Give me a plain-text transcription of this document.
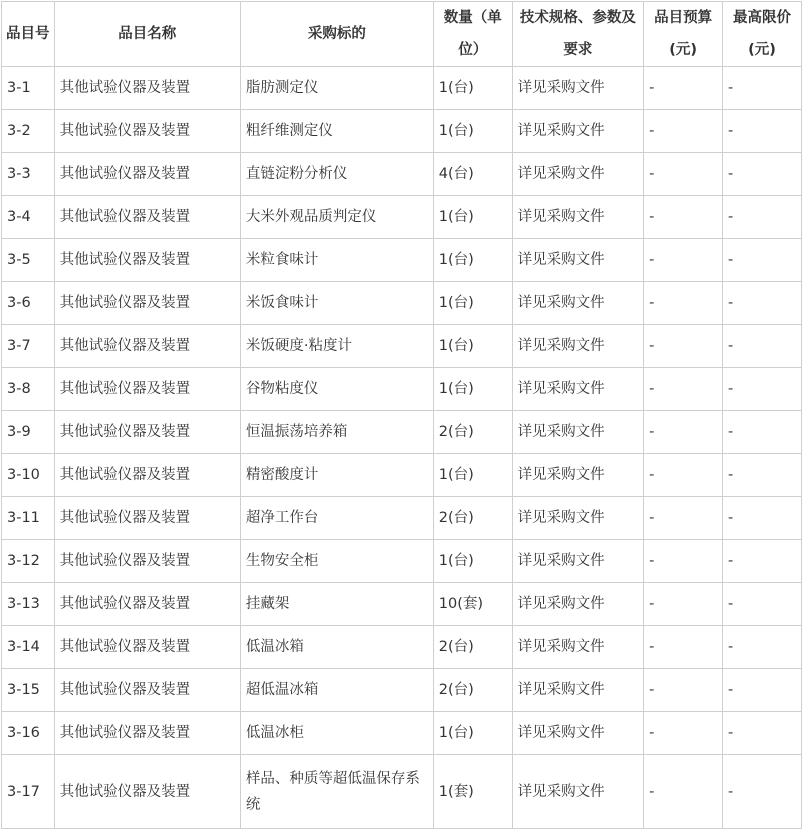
品目号	品目名称	采购标的	数量（单位）	技术规格、参数及要求	品目预算(元)	最高限价(元)
3-1	其他试验仪器及装置	脂肪测定仪	1(台)	详见采购文件	-	-
3-2	其他试验仪器及装置	粗纤维测定仪	1(台)	详见采购文件	-	-
3-3	其他试验仪器及装置	直链淀粉分析仪	4(台)	详见采购文件	-	-
3-4	其他试验仪器及装置	大米外观品质判定仪	1(台)	详见采购文件	-	-
3-5	其他试验仪器及装置	米粒食味计	1(台)	详见采购文件	-	-
3-6	其他试验仪器及装置	米饭食味计	1(台)	详见采购文件	-	-
3-7	其他试验仪器及装置	米饭硬度·粘度计	1(台)	详见采购文件	-	-
3-8	其他试验仪器及装置	谷物粘度仪	1(台)	详见采购文件	-	-
3-9	其他试验仪器及装置	恒温振荡培养箱	2(台)	详见采购文件	-	-
3-10	其他试验仪器及装置	精密酸度计	1(台)	详见采购文件	-	-
3-11	其他试验仪器及装置	超净工作台	2(台)	详见采购文件	-	-
3-12	其他试验仪器及装置	生物安全柜	1(台)	详见采购文件	-	-
3-13	其他试验仪器及装置	挂藏架	10(套)	详见采购文件	-	-
3-14	其他试验仪器及装置	低温冰箱	2(台)	详见采购文件	-	-
3-15	其他试验仪器及装置	超低温冰箱	2(台)	详见采购文件	-	-
3-16	其他试验仪器及装置	低温冰柜	1(台)	详见采购文件	-	-
3-17	其他试验仪器及装置	样品、种质等超低温保存系统	1(套)	详见采购文件	-	-
